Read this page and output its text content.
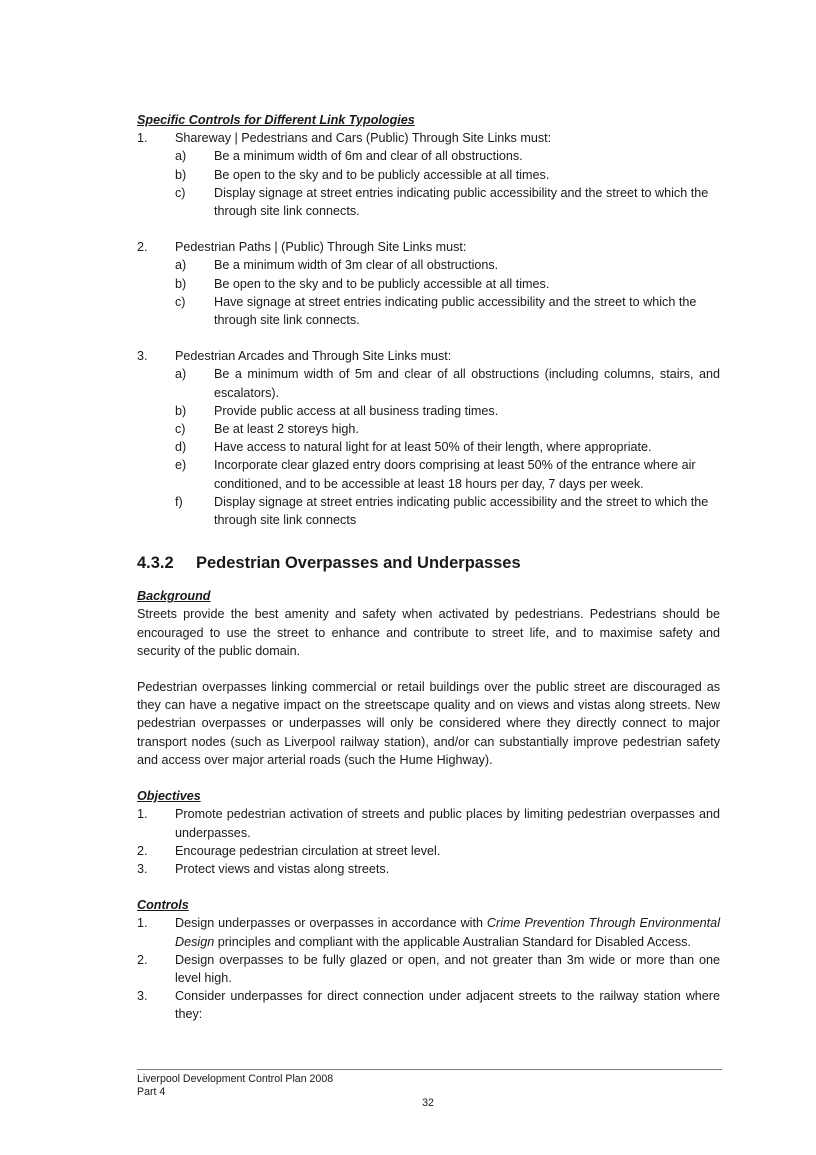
Specific Controls for Different Link Typologies

1.	Shareway | Pedestrians and Cars (Public) Through Site Links must:
a)	Be a minimum width of 6m and clear of all obstructions.
b)	Be open to the sky and to be publicly accessible at all times.
c)	Display signage at street entries indicating public accessibility and the street to which the through site link connects.
2.	Pedestrian Paths | (Public) Through Site Links must:
a)	Be a minimum width of 3m clear of all obstructions.
b)	Be open to the sky and to be publicly accessible at all times.
c)	Have signage at street entries indicating public accessibility and the street to which the through site link connects.
3.	Pedestrian Arcades and Through Site Links must:
a)	Be a minimum width of 5m and clear of all obstructions (including columns, stairs, and escalators).
b)	Provide public access at all business trading times.
c)	Be at least 2 storeys high.
d)	Have access to natural light for at least 50% of their length, where appropriate.
e)	Incorporate clear glazed entry doors comprising at least 50% of the entrance where air conditioned, and to be accessible at least 18 hours per day, 7 days per week.
f)	Display signage at street entries indicating public accessibility and the street to which the through site link connects
4.3.2	Pedestrian Overpasses and Underpasses

Background

Streets provide the best amenity and safety when activated by pedestrians. Pedestrians should be encouraged to use the street to enhance and contribute to street life, and to maximise safety and security of the public domain.

Pedestrian overpasses linking commercial or retail buildings over the public street are discouraged as they can have a negative impact on the streetscape quality and on views and vistas along streets. New pedestrian overpasses or underpasses will only be considered where they directly connect to major transport nodes (such as Liverpool railway station), and/or can substantially improve pedestrian safety and access over major arterial roads (such the Hume Highway).

Objectives

1.	Promote pedestrian activation of streets and public places by limiting pedestrian overpasses and underpasses.
2.	Encourage pedestrian circulation at street level.
3.	Protect views and vistas along streets.

Controls

1.	Design underpasses or overpasses in accordance with Crime Prevention Through Environmental Design principles and compliant with the applicable Australian Standard for Disabled Access.
2.	Design overpasses to be fully glazed or open, and not greater than 3m wide or more than one level high.
3.	Consider underpasses for direct connection under adjacent streets to the railway station where they:
Liverpool Development Control Plan 2008
Part 4
32
